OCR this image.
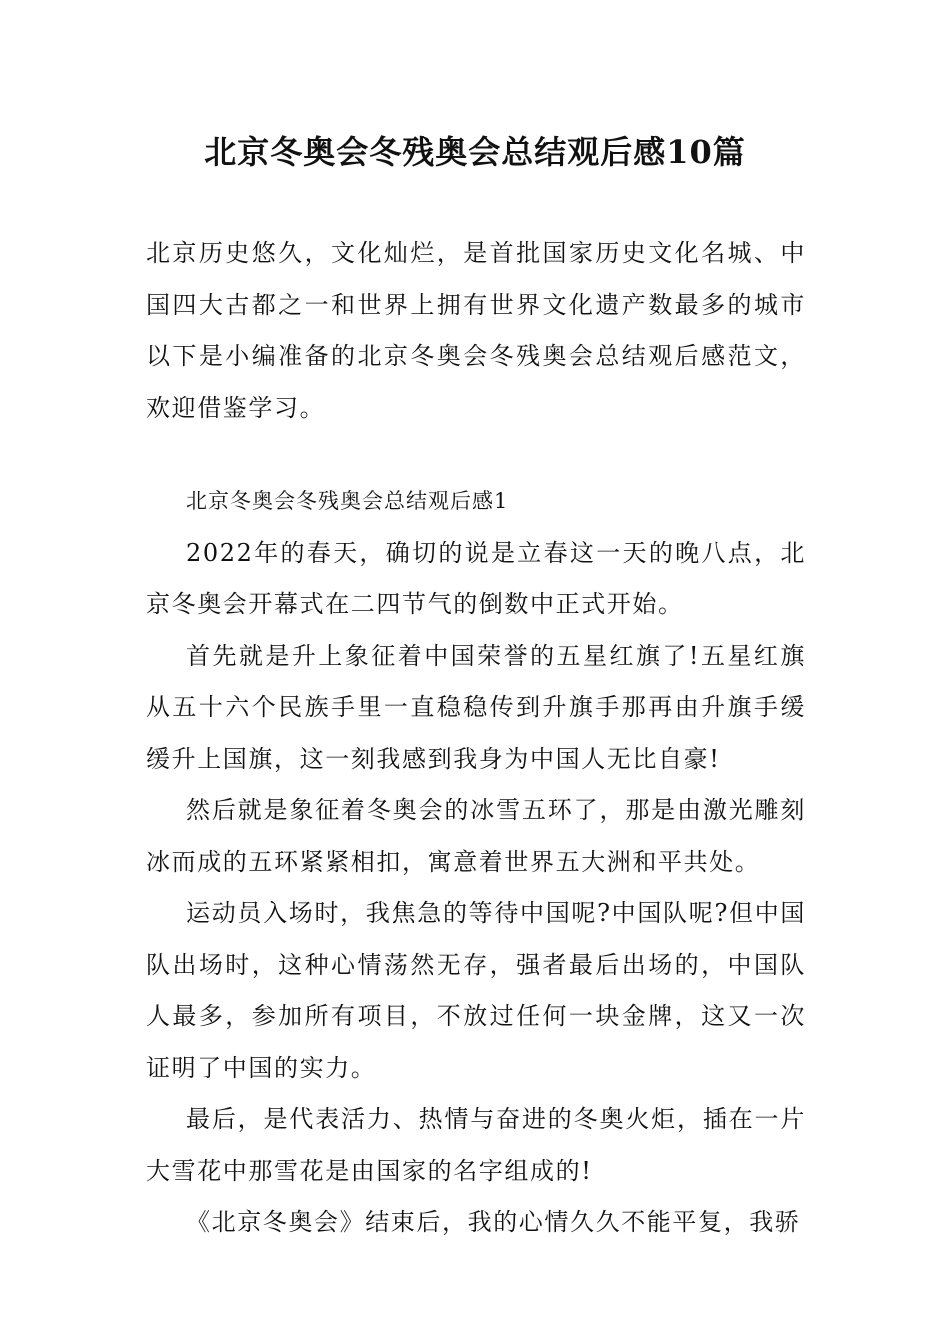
北京冬奥会冬残奥会总结观后感10篇

北京历史悠久，文化灿烂，是首批国家历史文化名城、中国四大古都之一和世界上拥有世界文化遗产数最多的城市以下是小编准备的北京冬奥会冬残奥会总结观后感范文，欢迎借鉴学习。

北京冬奥会冬残奥会总结观后感1

2022年的春天，确切的说是立春这一天的晚八点，北京冬奥会开幕式在二四节气的倒数中正式开始。

首先就是升上象征着中国荣誉的五星红旗了!五星红旗从五十六个民族手里一直稳稳传到升旗手那再由升旗手缓缓升上国旗，这一刻我感到我身为中国人无比自豪!

然后就是象征着冬奥会的冰雪五环了，那是由激光雕刻冰而成的五环紧紧相扣，寓意着世界五大洲和平共处。

运动员入场时，我焦急的等待中国呢?中国队呢?但中国队出场时，这种心情荡然无存，强者最后出场的，中国队人最多，参加所有项目，不放过任何一块金牌，这又一次证明了中国的实力。

最后，是代表活力、热情与奋进的冬奥火炬，插在一片大雪花中那雪花是由国家的名字组成的!

《北京冬奥会》结束后，我的心情久久不能平复，我骄
